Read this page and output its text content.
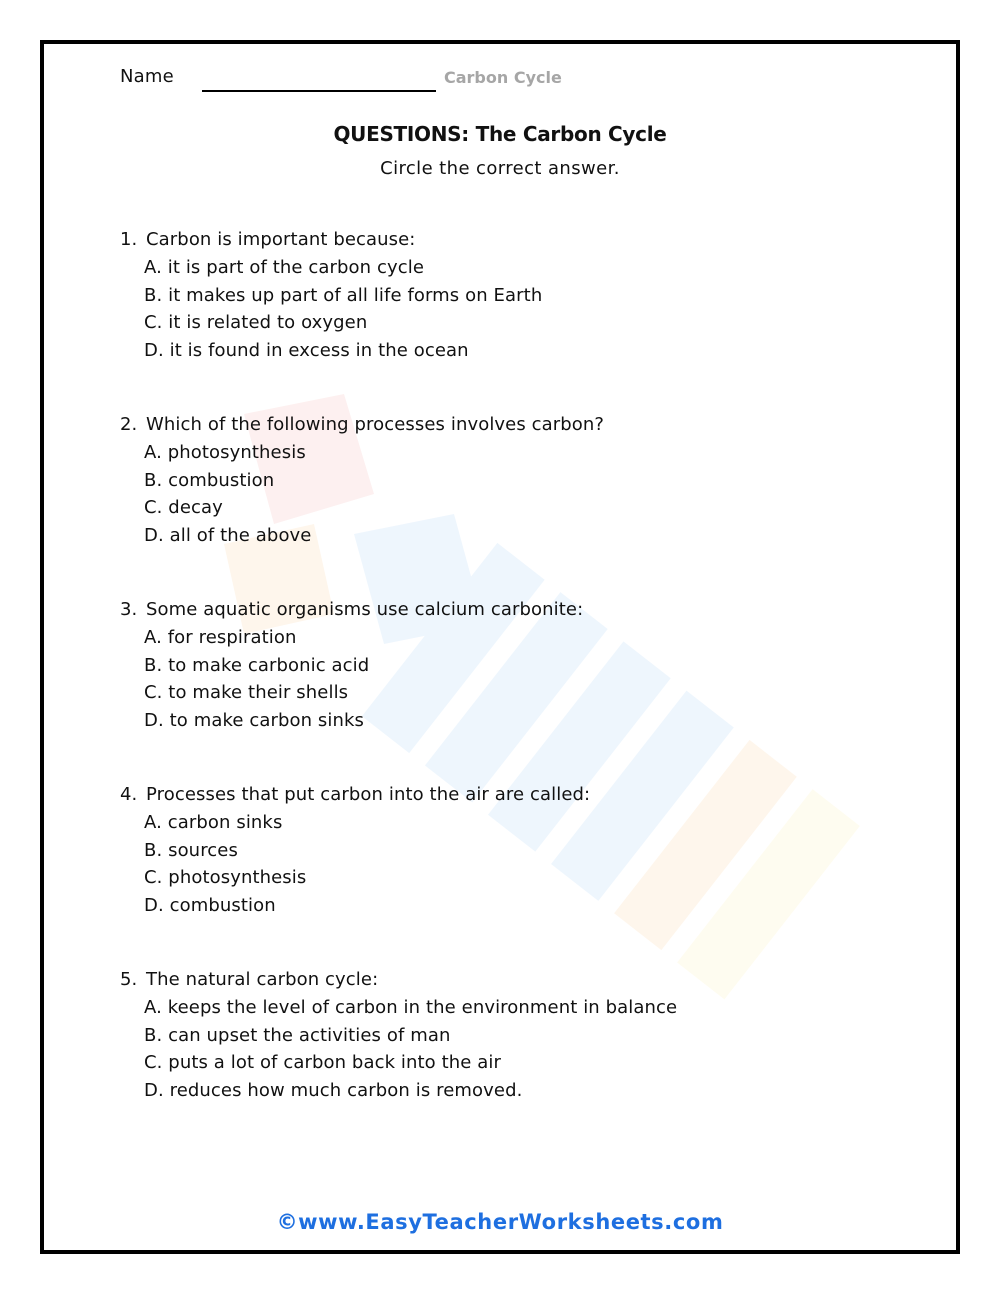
Name	Carbon Cycle
QUESTIONS: The Carbon Cycle
Circle the correct answer.
1. Carbon is important because:
A. it is part of the carbon cycle
B. it makes up part of all life forms on Earth
C. it is related to oxygen
D. it is found in excess in the ocean
2. Which of the following processes involves carbon?
A. photosynthesis
B. combustion
C. decay
D. all of the above
3. Some aquatic organisms use calcium carbonite:
A. for respiration
B. to make carbonic acid
C. to make their shells
D. to make carbon sinks
4. Processes that put carbon into the air are called:
A. carbon sinks
B. sources
C. photosynthesis
D. combustion
5. The natural carbon cycle:
A. keeps the level of carbon in the environment in balance
B. can upset the activities of man
C. puts a lot of carbon back into the air
D. reduces how much carbon is removed.
©www.EasyTeacherWorksheets.com
